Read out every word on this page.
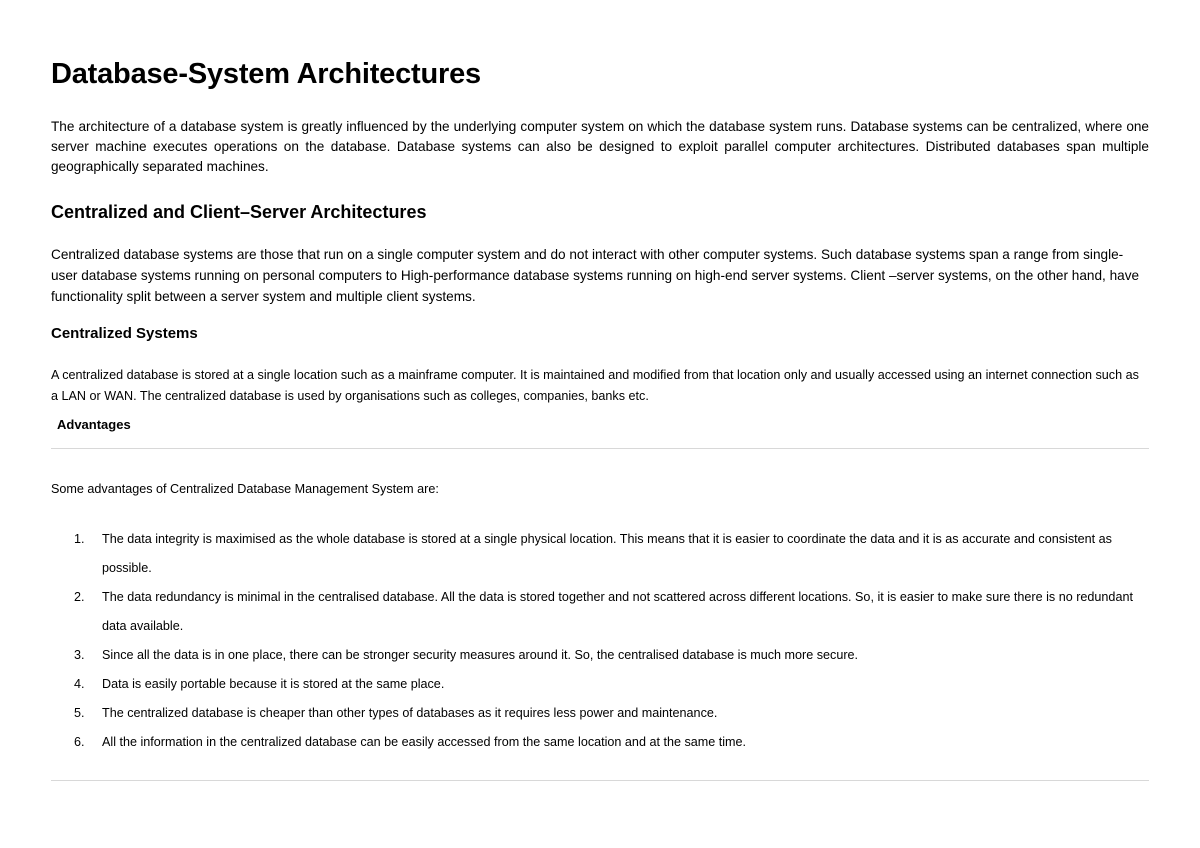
Database-System Architectures

The architecture of a database system is greatly influenced by the underlying computer system on which the database system runs. Database systems can be centralized, where one server machine executes operations on the database. Database systems can also be designed to exploit parallel computer architectures. Distributed databases span multiple geographically separated machines.

Centralized and Client–Server Architectures

Centralized database systems are those that run on a single computer system and do not interact with other computer systems. Such database systems span a range from single-user database systems running on personal computers to High-performance database systems running on high-end server systems. Client –server systems, on the other hand, have functionality split between a server system and multiple client systems.

Centralized Systems

A centralized database is stored at a single location such as a mainframe computer. It is maintained and modified from that location only and usually accessed using an internet connection such as a LAN or WAN. The centralized database is used by organisations such as colleges, companies, banks etc.

Advantages

Some advantages of Centralized Database Management System are:

1. The data integrity is maximised as the whole database is stored at a single physical location. This means that it is easier to coordinate the data and it is as accurate and consistent as possible.
2. The data redundancy is minimal in the centralised database. All the data is stored together and not scattered across different locations. So, it is easier to make sure there is no redundant data available.
3. Since all the data is in one place, there can be stronger security measures around it. So, the centralised database is much more secure.
4. Data is easily portable because it is stored at the same place.
5. The centralized database is cheaper than other types of databases as it requires less power and maintenance.
6. All the information in the centralized database can be easily accessed from the same location and at the same time.
